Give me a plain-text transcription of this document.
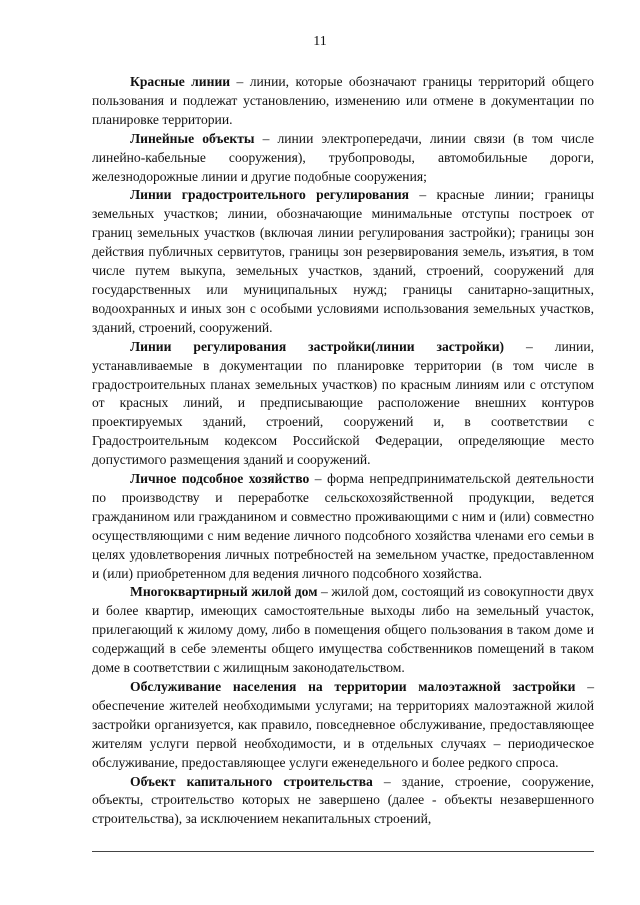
11

Красные линии – линии, которые обозначают границы территорий общего пользования и подлежат установлению, изменению или отмене в документации по планировке территории.

Линейные объекты – линии электропередачи, линии связи (в том числе линейно-кабельные сооружения), трубопроводы, автомобильные дороги, железнодорожные линии и другие подобные сооружения;

Линии градостроительного регулирования – красные линии; границы земельных участков; линии, обозначающие минимальные отступы построек от границ земельных участков (включая линии регулирования застройки); границы зон действия публичных сервитутов, границы зон резервирования земель, изъятия, в том числе путем выкупа, земельных участков, зданий, строений, сооружений для государственных или муниципальных нужд; границы санитарно-защитных, водоохранных и иных зон с особыми условиями использования земельных участков, зданий, строений, сооружений.

Линии регулирования застройки(линии застройки) – линии, устанавливаемые в документации по планировке территории (в том числе в градостроительных планах земельных участков) по красным линиям или с отступом от красных линий, и предписывающие расположение внешних контуров проектируемых зданий, строений, сооружений и, в соответствии с Градостроительным кодексом Российской Федерации, определяющие место допустимого размещения зданий и сооружений.

Личное подсобное хозяйство – форма непредпринимательской деятельности по производству и переработке сельскохозяйственной продукции, ведется гражданином или гражданином и совместно проживающими с ним и (или) совместно осуществляющими с ним ведение личного подсобного хозяйства членами его семьи в целях удовлетворения личных потребностей на земельном участке, предоставленном и (или) приобретенном для ведения личного подсобного хозяйства.

Многоквартирный жилой дом – жилой дом, состоящий из совокупности двух и более квартир, имеющих самостоятельные выходы либо на земельный участок, прилегающий к жилому дому, либо в помещения общего пользования в таком доме и содержащий в себе элементы общего имущества собственников помещений в таком доме в соответствии с жилищным законодательством.

Обслуживание населения на территории малоэтажной застройки – обеспечение жителей необходимыми услугами; на территориях малоэтажной жилой застройки организуется, как правило, повседневное обслуживание, предоставляющее жителям услуги первой необходимости, и в отдельных случаях – периодическое обслуживание, предоставляющее услуги еженедельного и более редкого спроса.

Объект капитального строительства – здание, строение, сооружение, объекты, строительство которых не завершено (далее - объекты незавершенного строительства), за исключением некапитальных строений,
